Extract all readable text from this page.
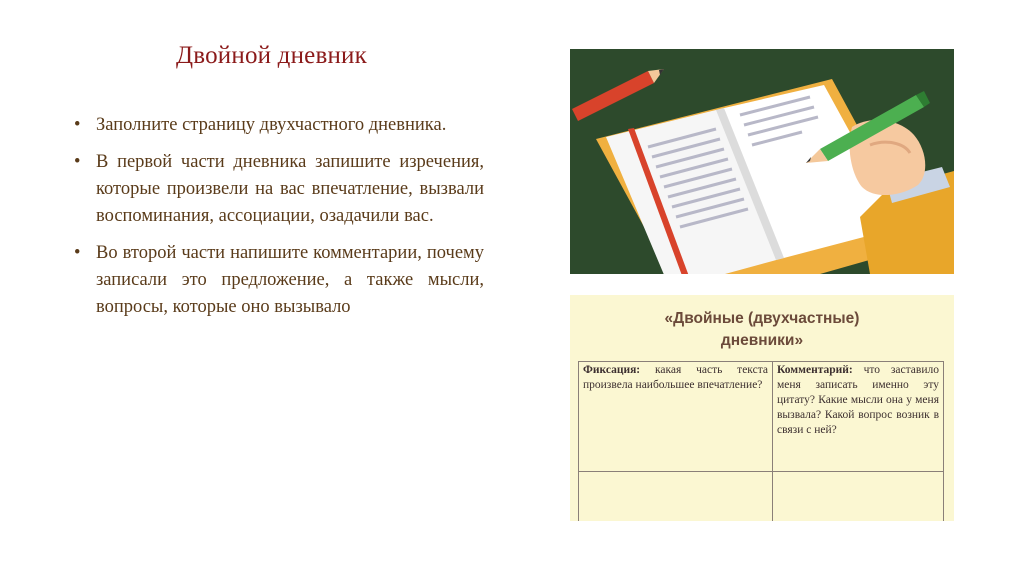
Двойной дневник
• Заполните страницу двухчастного дневника.
• В первой части дневника запишите изречения, которые произвели на вас впечатление, вызвали воспоминания, ассоциации, озадачили вас.
• Во второй части напишите комментарии, почему записали это предложение, а также мысли, вопросы, которые оно вызывало
«Двойные (двухчастные)
дневники»
Фиксация: какая часть текста произвела наибольшее впечатление?	Комментарий: что заставило меня записать именно эту цитату? Какие мысли она у меня вызвала? Какой вопрос возник в связи с ней?
